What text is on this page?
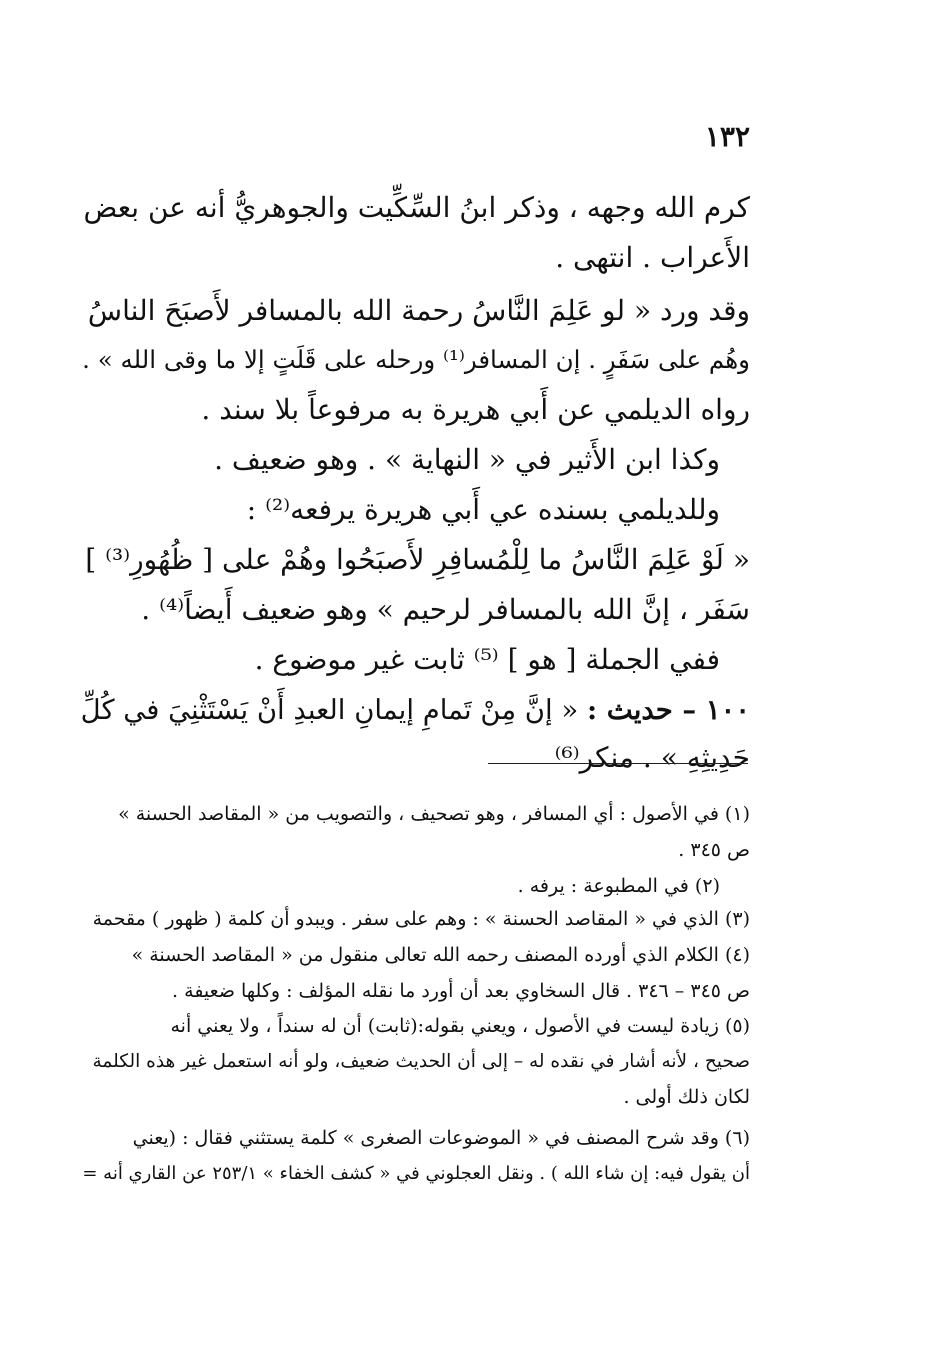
١٣٢
كرم الله وجهه ، وذكر ابنُ السِّكِّيت والجوهريُّ أنه عن بعض
الأَعراب . انتهى .
وقد ورد « لو عَلِمَ النَّاسُ رحمة الله بالمسافر لأَصبَحَ الناسُ
وهُم على سَفَرٍ . إن المسافر⁽¹⁾ ورحله على قَلَتٍ إلا ما وقى الله » .
رواه الديلمي عن أَبي هريرة به مرفوعاً بلا سند .
وكذا ابن الأَثير في « النهاية » . وهو ضعيف .
وللديلمي بسنده عي أَبي هريرة يرفعه⁽²⁾ :
« لَوْ عَلِمَ النَّاسُ ما لِلْمُسافِرِ لأَصبَحُوا وهُمْ على [ ظُهُورِ⁽³⁾ ]
سَفَر ، إنَّ الله بالمسافر لرحيم » وهو ضعيف أَيضاً⁽⁴⁾ .
ففي الجملة [ هو ] ⁽⁵⁾ ثابت غير موضوع .
١٠٠ – حديث : « إنَّ مِنْ تَمامِ إيمانِ العبدِ أَنْ يَسْتَثْنِيَ في كُلِّ
حَدِيثِهِ » . منكر⁽⁶⁾
(١) في الأصول : أي المسافر ، وهو تصحيف ، والتصويب من « المقاصد الحسنة »
ص ٣٤٥ .
(٢) في المطبوعة : يرفه .
(٣) الذي في « المقاصد الحسنة » : وهم على سفر . ويبدو أن كلمة ( ظهور ) مقحمة
(٤) الكلام الذي أورده المصنف رحمه الله تعالى منقول من « المقاصد الحسنة »
ص ٣٤٥ – ٣٤٦ . قال السخاوي بعد أن أورد ما نقله المؤلف : وكلها ضعيفة .
(٥) زيادة ليست في الأصول ، ويعني بقوله:(ثابت) أن له سنداً ، ولا يعني أنه
صحيح ، لأنه أشار في نقده له – إلى أن الحديث ضعيف، ولو أنه استعمل غير هذه الكلمة
لكان ذلك أولى .
(٦) وقد شرح المصنف في « الموضوعات الصغرى » كلمة يستثني فقال : (يعني
أن يقول فيه: إن شاء الله ) . ونقل العجلوني في « كشف الخفاء » ٢٥٣/١ عن القاري أنه =
